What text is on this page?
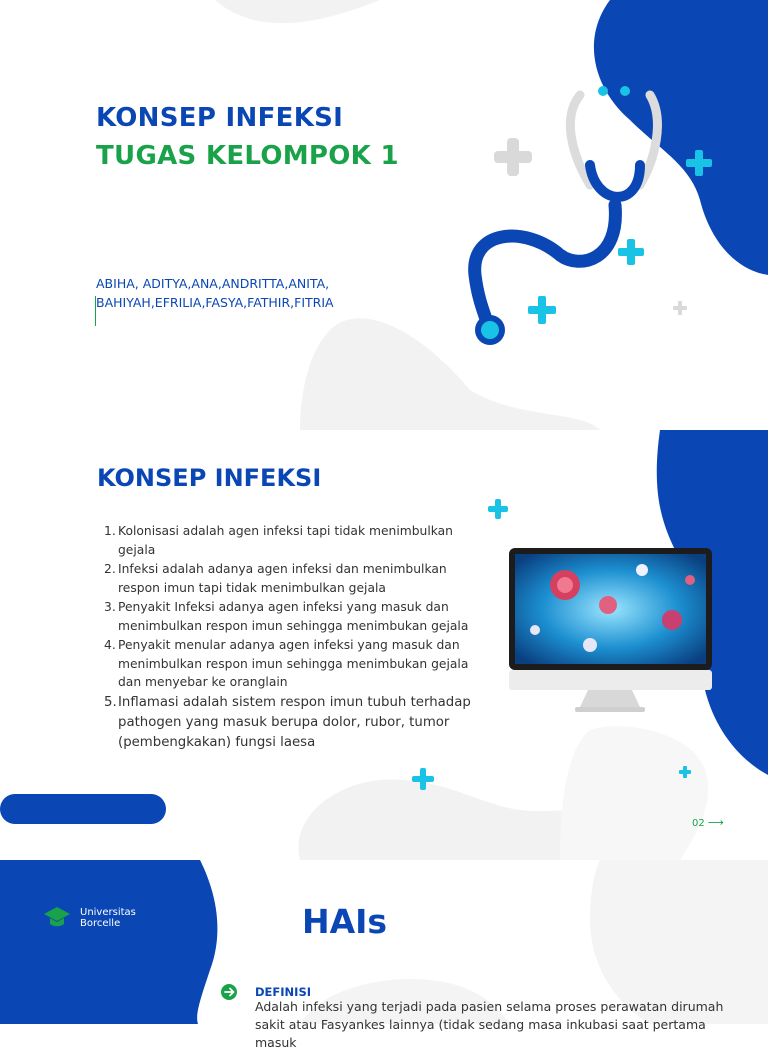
KONSEP INFEKSI
TUGAS KELOMPOK 1
ABIHA, ADITYA,ANA,ANDRITTA,ANITA,
BAHIYAH,EFRILIA,FASYA,FATHIR,FITRIA
KONSEP INFEKSI
1. Kolonisasi adalah agen infeksi tapi tidak menimbulkan gejala
2. Infeksi adalah adanya agen infeksi dan menimbulkan respon imun tapi tidak menimbulkan gejala
3. Penyakit Infeksi adanya agen infeksi yang masuk dan menimbulkan respon imun sehingga menimbukan gejala
4. Penyakit menular adanya agen infeksi yang masuk dan menimbulkan respon imun sehingga menimbukan gejala dan menyebar ke oranglain
5. Inflamasi adalah sistem respon imun tubuh terhadap pathogen yang masuk berupa dolor, rubor, tumor (pembengkakan) fungsi laesa
02 ⟶
Universitas
Borcelle	HAIs
DEFINISI
Adalah infeksi yang terjadi pada pasien selama proses perawatan dirumah sakit atau Fasyankes lainnya (tidak sedang masa inkubasi saat pertama masuk
